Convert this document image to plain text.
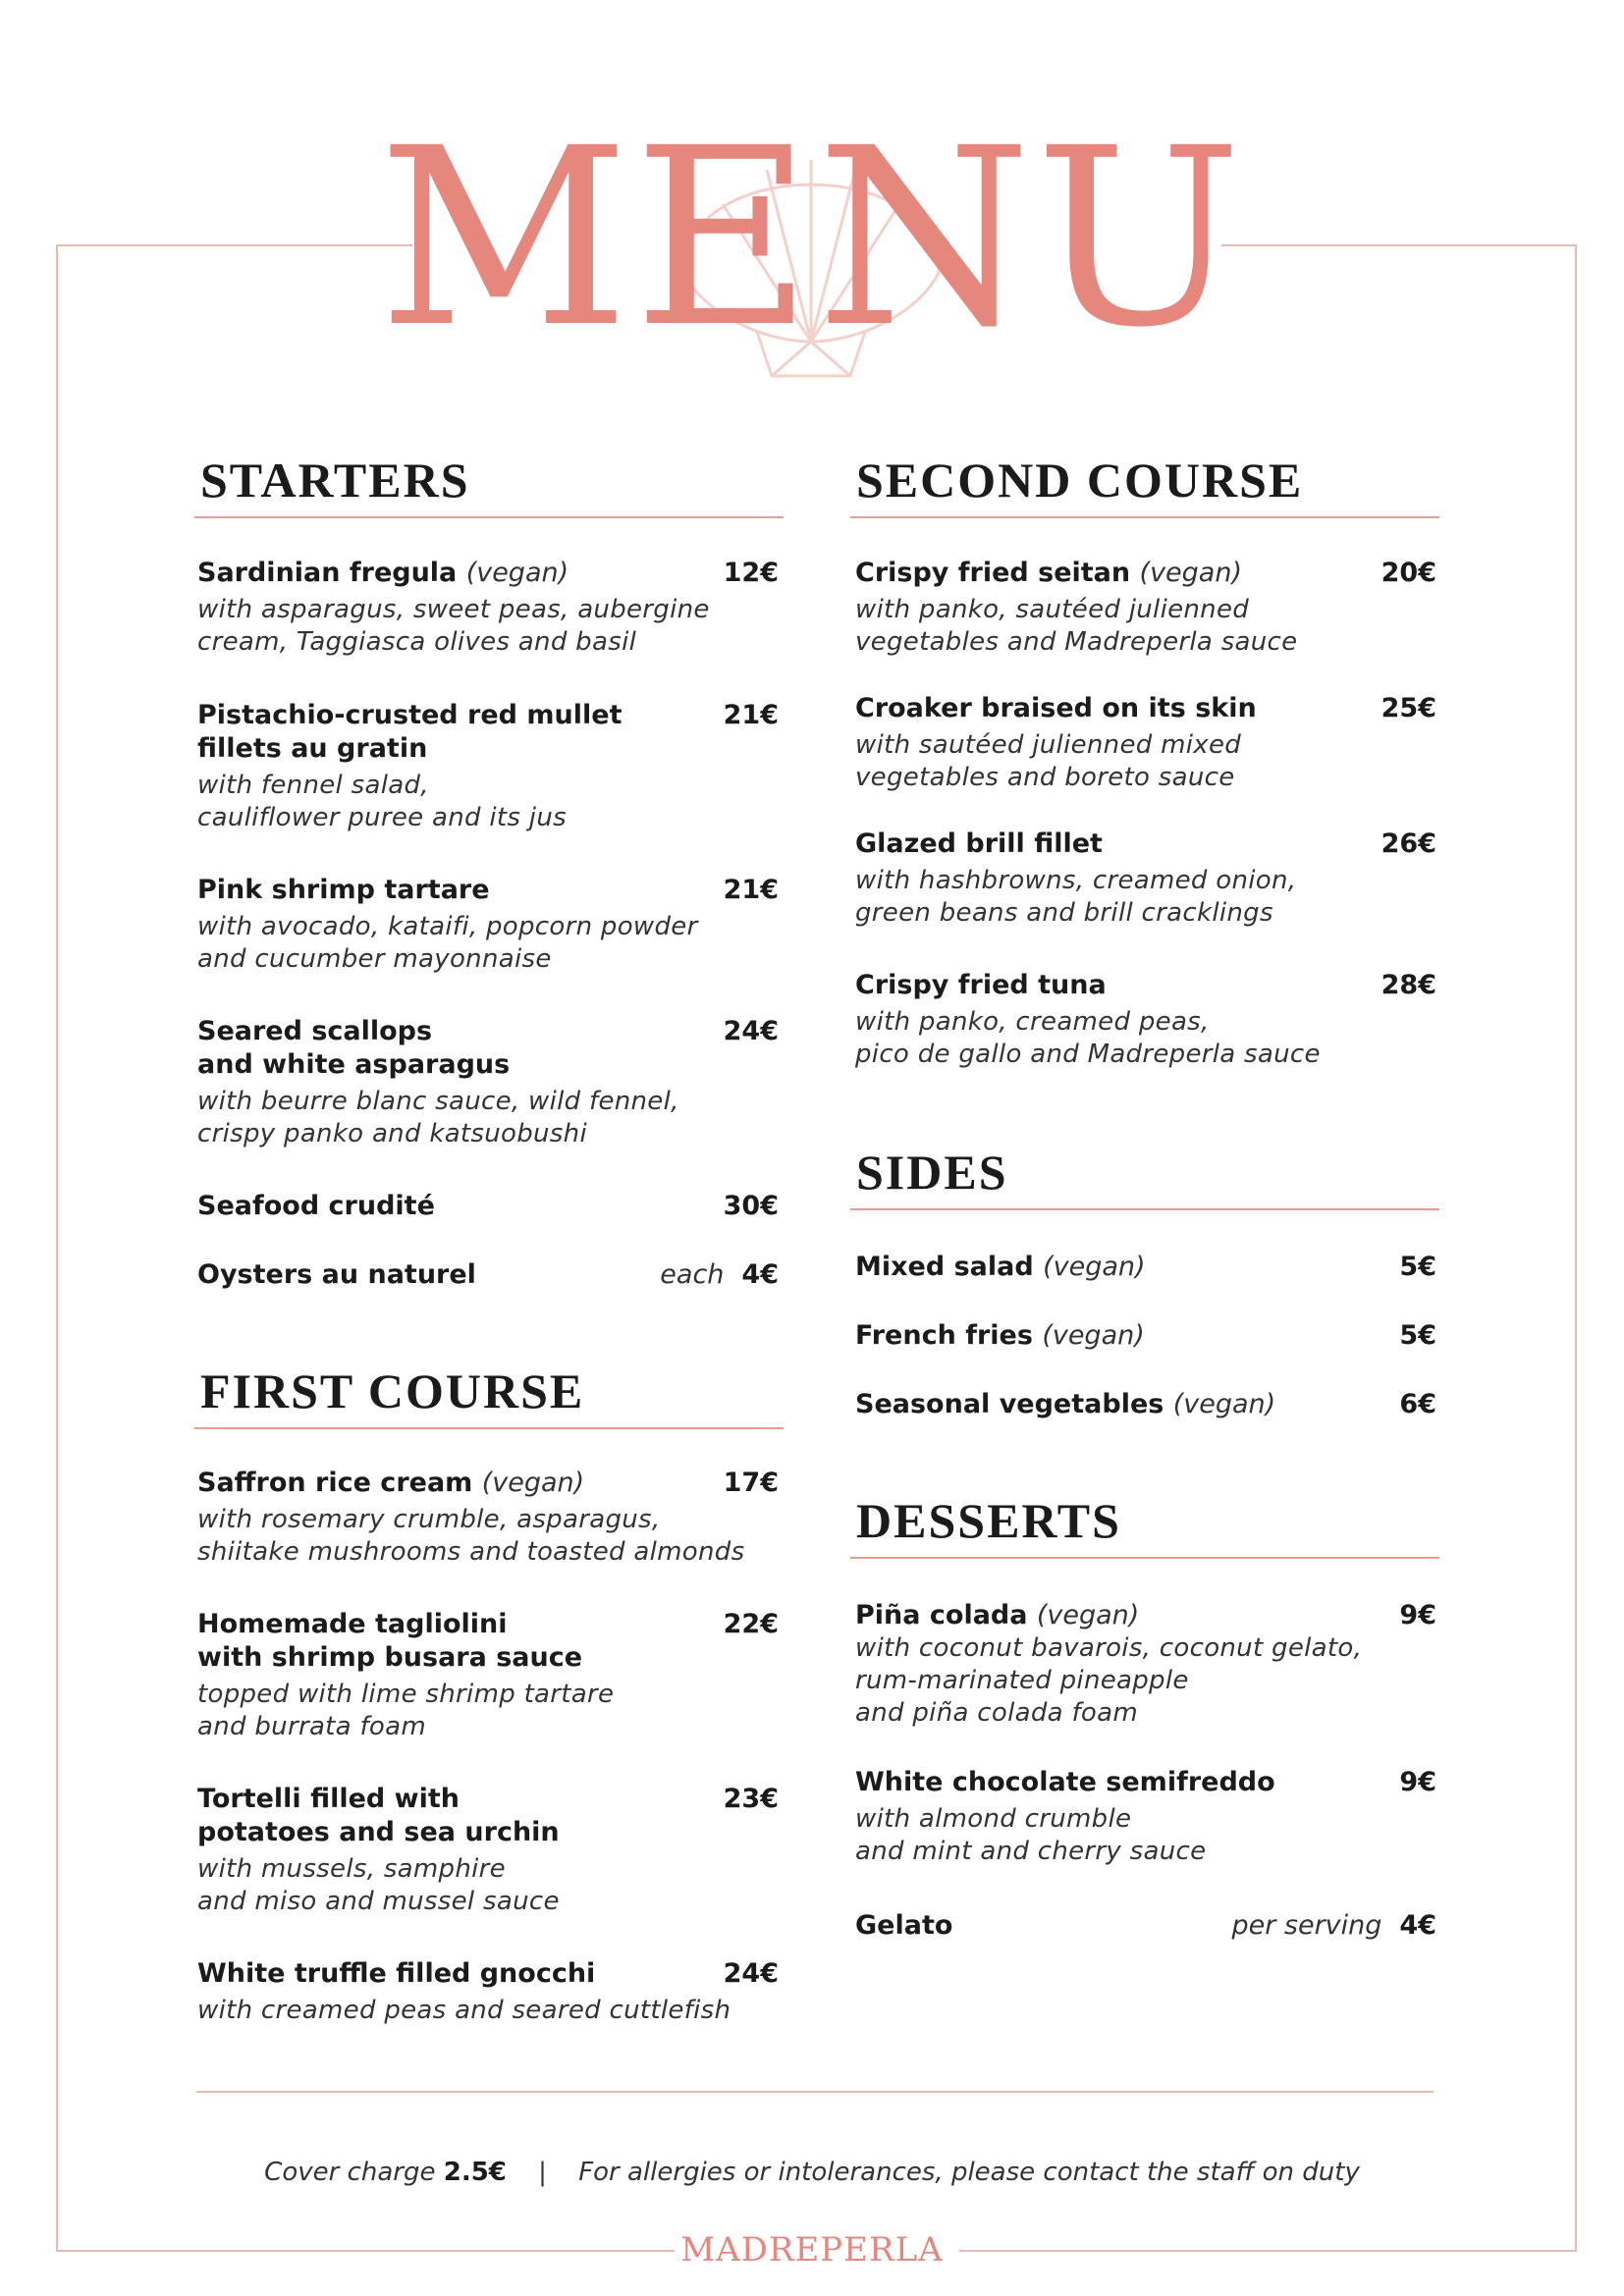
MENU
STARTERS
Sardinian fregula (vegan)	12€
with asparagus, sweet peas, aubergine
cream, Taggiasca olives and basil
Pistachio-crusted red mullet
fillets au gratin
21€
with fennel salad,
cauliflower puree and its jus
Pink shrimp tartare	21€
with avocado, kataifi, popcorn powder
and cucumber mayonnaise
Seared scallops
and white asparagus
24€
with beurre blanc sauce, wild fennel,
crispy panko and katsuobushi
Seafood crudité	30€
Oysters au naturel	each 4€
FIRST COURSE
Saffron rice cream (vegan)	17€
with rosemary crumble, asparagus,
shiitake mushrooms and toasted almonds
Homemade tagliolini
with shrimp busara sauce
22€
topped with lime shrimp tartare
and burrata foam
Tortelli filled with
potatoes and sea urchin
23€
with mussels, samphire
and miso and mussel sauce
White truffle filled gnocchi	24€
with creamed peas and seared cuttlefish
SECOND COURSE
Crispy fried seitan (vegan)	20€
with panko, sautéed julienned
vegetables and Madreperla sauce
Croaker braised on its skin	25€
with sautéed julienned mixed
vegetables and boreto sauce
Glazed brill fillet	26€
with hashbrowns, creamed onion,
green beans and brill cracklings
Crispy fried tuna	28€
with panko, creamed peas,
pico de gallo and Madreperla sauce
SIDES
Mixed salad (vegan)	5€
French fries (vegan)	5€
Seasonal vegetables (vegan)	6€
DESSERTS
Piña colada (vegan)	9€
with coconut bavarois, coconut gelato,
rum-marinated pineapple
and piña colada foam
White chocolate semifreddo	9€
with almond crumble
and mint and cherry sauce
Gelato	per serving 4€
Cover charge 2.5€ | For allergies or intolerances, please contact the staff on duty
MADREPERLA
